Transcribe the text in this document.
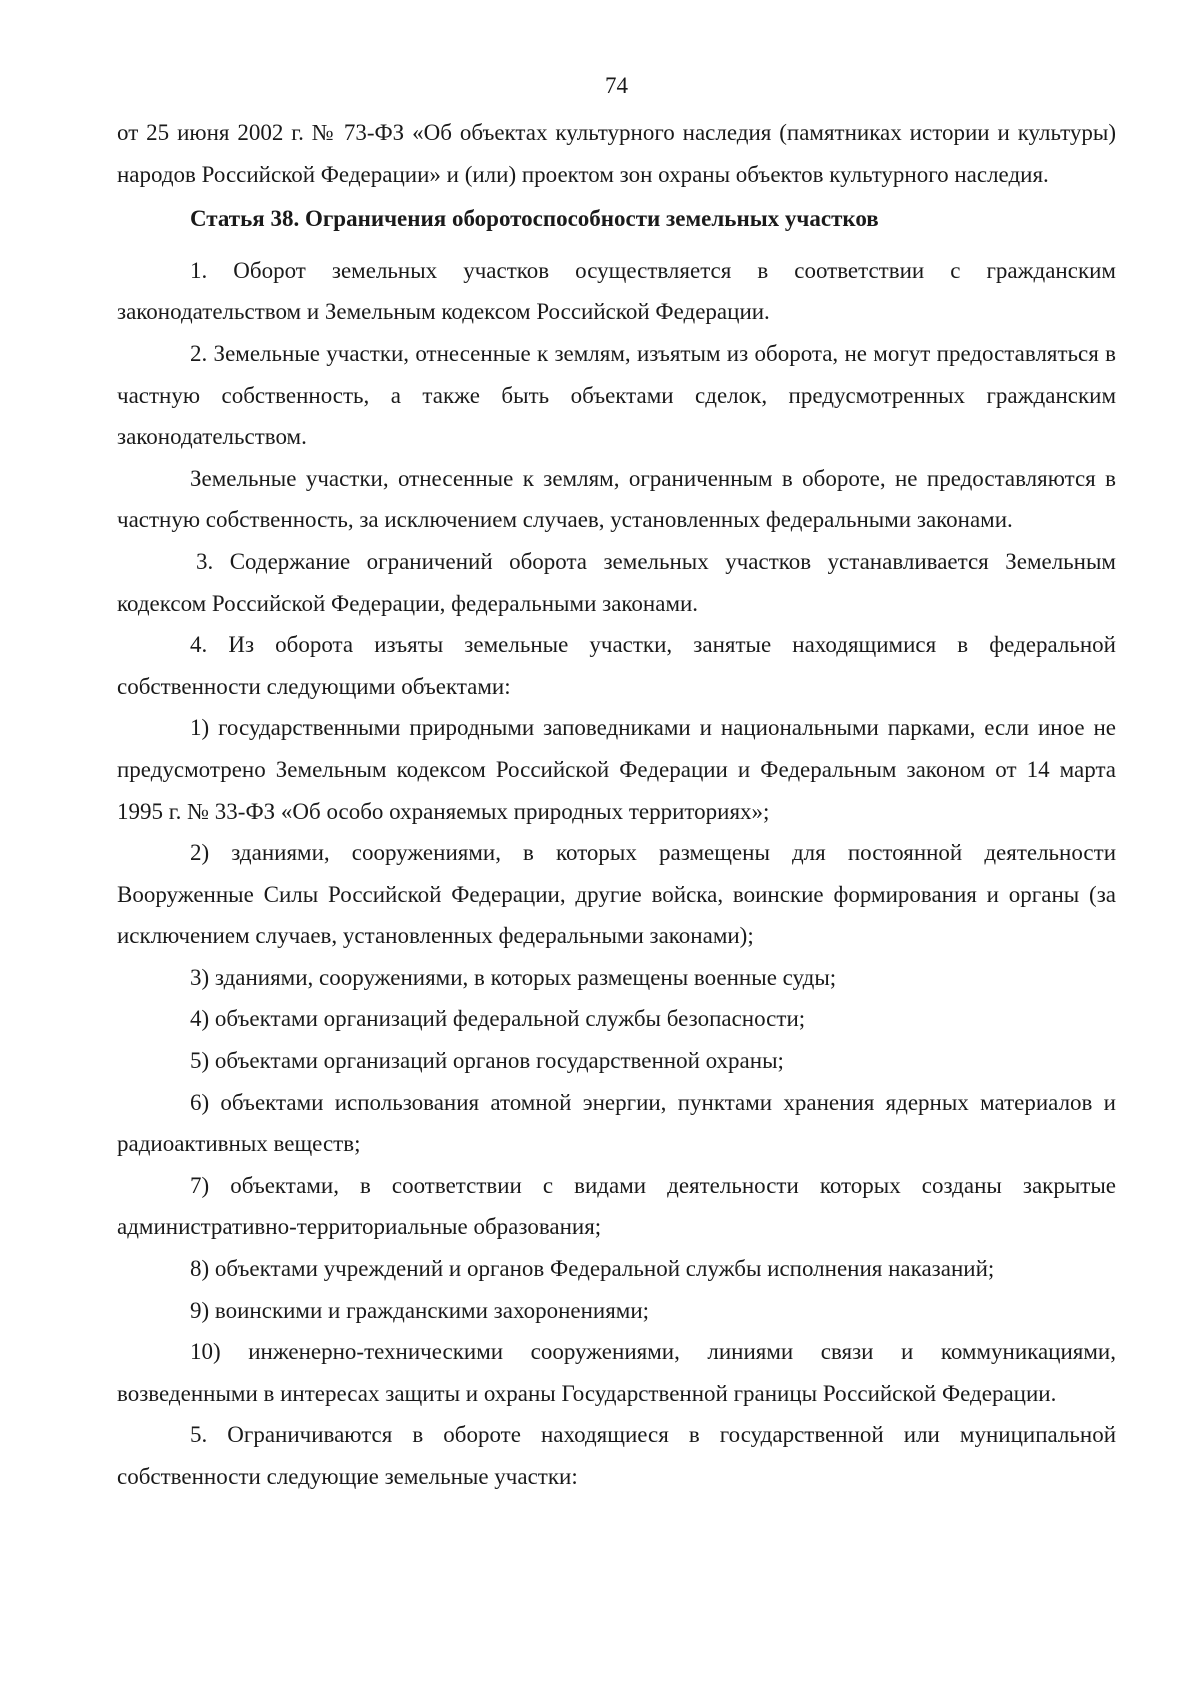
74

от 25 июня 2002 г. № 73-ФЗ «Об объектах культурного наследия (памятниках истории и культуры) народов Российской Федерации» и (или) проектом зон охраны объектов культурного наследия.

Статья 38. Ограничения оборотоспособности земельных участков

1. Оборот земельных участков осуществляется в соответствии с гражданским законодательством и Земельным кодексом Российской Федерации.

2. Земельные участки, отнесенные к землям, изъятым из оборота, не могут предоставляться в частную собственность, а также быть объектами сделок, предусмотренных гражданским законодательством.

Земельные участки, отнесенные к землям, ограниченным в обороте, не предоставляются в частную собственность, за исключением случаев, установленных федеральными законами.

3. Содержание ограничений оборота земельных участков устанавливается Земельным кодексом Российской Федерации, федеральными законами.

4. Из оборота изъяты земельные участки, занятые находящимися в федеральной собственности следующими объектами:

1) государственными природными заповедниками и национальными парками, если иное не предусмотрено Земельным кодексом Российской Федерации и Федеральным законом от 14 марта 1995 г. № 33-ФЗ «Об особо охраняемых природных территориях»;

2) зданиями, сооружениями, в которых размещены для постоянной деятельности Вооруженные Силы Российской Федерации, другие войска, воинские формирования и органы (за исключением случаев, установленных федеральными законами);

3) зданиями, сооружениями, в которых размещены военные суды;

4) объектами организаций федеральной службы безопасности;

5) объектами организаций органов государственной охраны;

6) объектами использования атомной энергии, пунктами хранения ядерных материалов и радиоактивных веществ;

7) объектами, в соответствии с видами деятельности которых созданы закрытые административно-территориальные образования;

8) объектами учреждений и органов Федеральной службы исполнения наказаний;

9) воинскими и гражданскими захоронениями;

10) инженерно-техническими сооружениями, линиями связи и коммуникациями, возведенными в интересах защиты и охраны Государственной границы Российской Федерации.

5. Ограничиваются в обороте находящиеся в государственной или муниципальной собственности следующие земельные участки:
